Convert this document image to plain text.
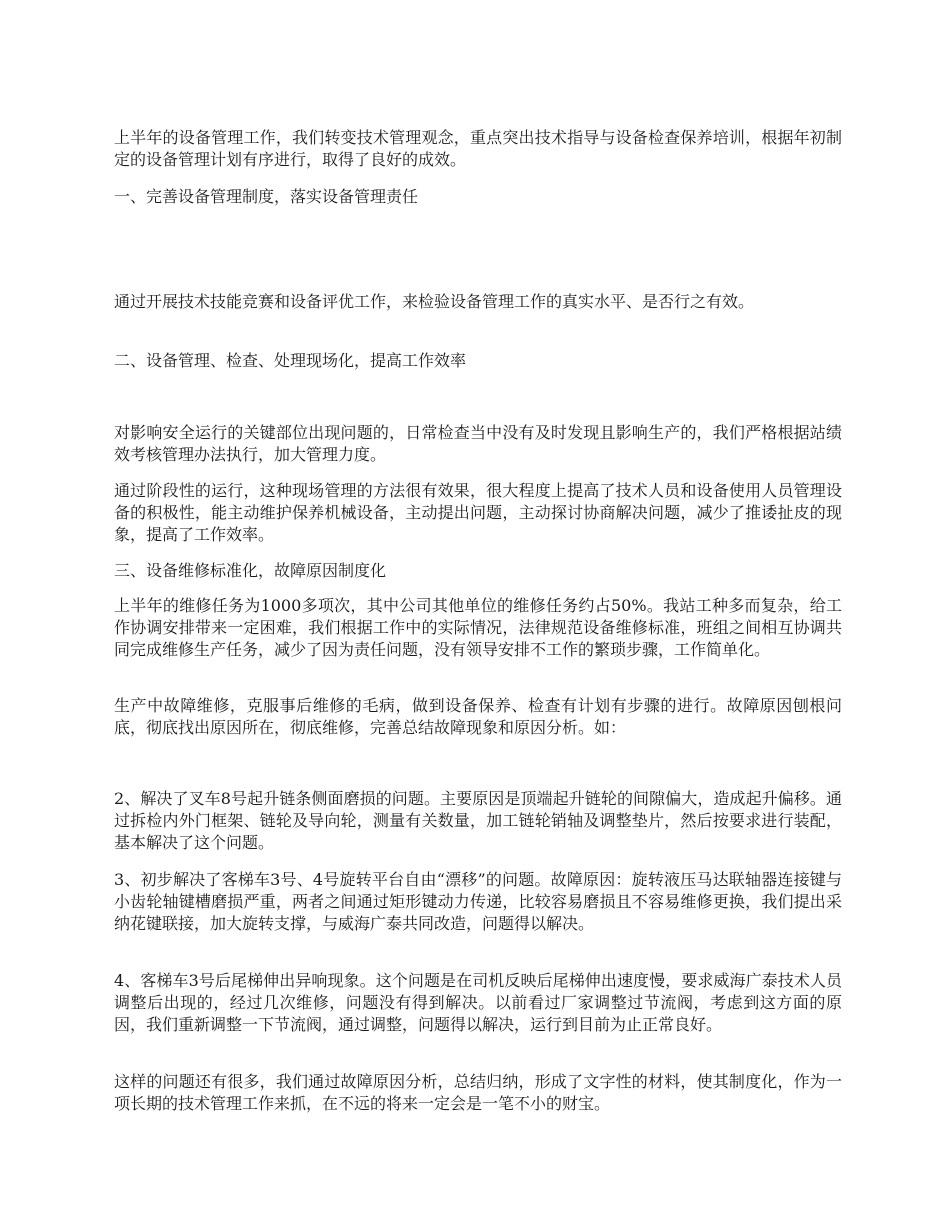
上半年的设备管理工作，我们转变技术管理观念，重点突出技术指导与设备检查保养培训，根据年初制定的设备管理计划有序进行，取得了良好的成效。

一、完善设备管理制度，落实设备管理责任

通过开展技术技能竞赛和设备评优工作，来检验设备管理工作的真实水平、是否行之有效。

二、设备管理、检查、处理现场化，提高工作效率

对影响安全运行的关键部位出现问题的，日常检查当中没有及时发现且影响生产的，我们严格根据站绩效考核管理办法执行，加大管理力度。

通过阶段性的运行，这种现场管理的方法很有效果，很大程度上提高了技术人员和设备使用人员管理设备的积极性，能主动维护保养机械设备，主动提出问题，主动探讨协商解决问题，减少了推诿扯皮的现象，提高了工作效率。

三、设备维修标准化，故障原因制度化

上半年的维修任务为1000多项次，其中公司其他单位的维修任务约占50%。我站工种多而复杂，给工作协调安排带来一定困难，我们根据工作中的实际情况，法律规范设备维修标准，班组之间相互协调共同完成维修生产任务，减少了因为责任问题，没有领导安排不工作的繁琐步骤，工作简单化。

生产中故障维修，克服事后维修的毛病，做到设备保养、检查有计划有步骤的进行。故障原因刨根问底，彻底找出原因所在，彻底维修，完善总结故障现象和原因分析。如：

2、解决了叉车8号起升链条侧面磨损的问题。主要原因是顶端起升链轮的间隙偏大，造成起升偏移。通过拆检内外门框架、链轮及导向轮，测量有关数量，加工链轮销轴及调整垫片，然后按要求进行装配，基本解决了这个问题。

3、初步解决了客梯车3号、4号旋转平台自由“漂移”的问题。故障原因：旋转液压马达联轴器连接键与小齿轮轴键槽磨损严重，两者之间通过矩形键动力传递，比较容易磨损且不容易维修更换，我们提出采纳花键联接，加大旋转支撑，与威海广泰共同改造，问题得以解决。

4、客梯车3号后尾梯伸出异响现象。这个问题是在司机反映后尾梯伸出速度慢，要求威海广泰技术人员调整后出现的，经过几次维修，问题没有得到解决。以前看过厂家调整过节流阀，考虑到这方面的原因，我们重新调整一下节流阀，通过调整，问题得以解决，运行到目前为止正常良好。

这样的问题还有很多，我们通过故障原因分析，总结归纳，形成了文字性的材料，使其制度化，作为一项长期的技术管理工作来抓，在不远的将来一定会是一笔不小的财宝。
